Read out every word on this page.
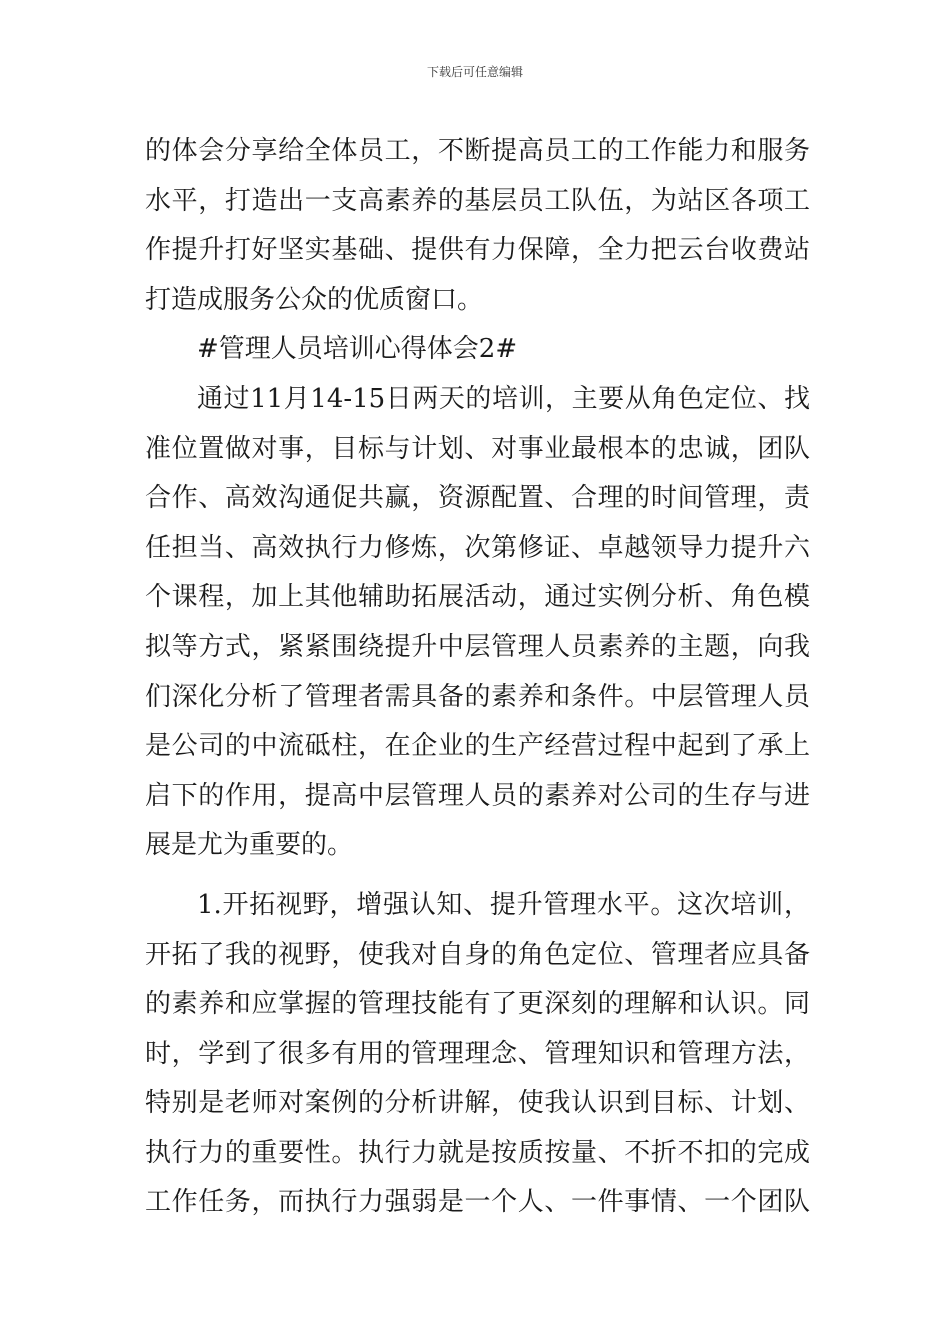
下载后可任意编辑
的体会分享给全体员工，不断提高员工的工作能力和服务
水平，打造出一支高素养的基层员工队伍，为站区各项工
作提升打好坚实基础、提供有力保障，全力把云台收费站
打造成服务公众的优质窗口。
#管理人员培训心得体会2#
通过11月14-15日两天的培训，主要从角色定位、找
准位置做对事，目标与计划、对事业最根本的忠诚，团队
合作、高效沟通促共赢，资源配置、合理的时间管理，责
任担当、高效执行力修炼，次第修证、卓越领导力提升六
个课程，加上其他辅助拓展活动，通过实例分析、角色模
拟等方式，紧紧围绕提升中层管理人员素养的主题，向我
们深化分析了管理者需具备的素养和条件。中层管理人员
是公司的中流砥柱，在企业的生产经营过程中起到了承上
启下的作用，提高中层管理人员的素养对公司的生存与进
展是尤为重要的。
1.开拓视野，增强认知、提升管理水平。这次培训，
开拓了我的视野，使我对自身的角色定位、管理者应具备
的素养和应掌握的管理技能有了更深刻的理解和认识。同
时，学到了很多有用的管理理念、管理知识和管理方法，
特别是老师对案例的分析讲解，使我认识到目标、计划、
执行力的重要性。执行力就是按质按量、不折不扣的完成
工作任务，而执行力强弱是一个人、一件事情、一个团队
